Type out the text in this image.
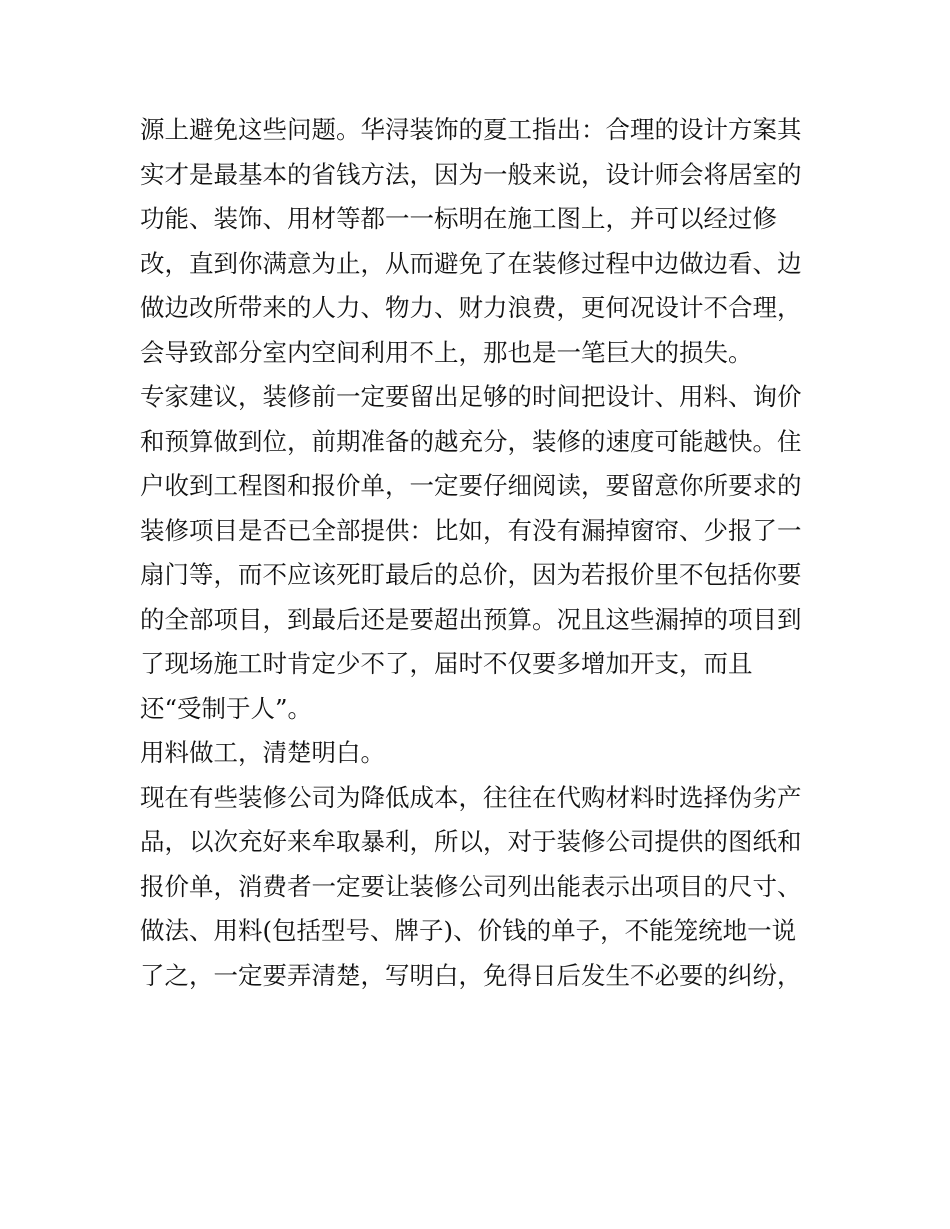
源上避免这些问题。华浔装饰的夏工指出：合理的设计方案其
实才是最基本的省钱方法，因为一般来说，设计师会将居室的
功能、装饰、用材等都一一标明在施工图上，并可以经过修
改，直到你满意为止，从而避免了在装修过程中边做边看、边
做边改所带来的人力、物力、财力浪费，更何况设计不合理，
会导致部分室内空间利用不上，那也是一笔巨大的损失。
专家建议，装修前一定要留出足够的时间把设计、用料、询价
和预算做到位，前期准备的越充分，装修的速度可能越快。住
户收到工程图和报价单，一定要仔细阅读，要留意你所要求的
装修项目是否已全部提供：比如，有没有漏掉窗帘、少报了一
扇门等，而不应该死盯最后的总价，因为若报价里不包括你要
的全部项目，到最后还是要超出预算。况且这些漏掉的项目到
了现场施工时肯定少不了，届时不仅要多增加开支，而且
还“受制于人”。
用料做工，清楚明白。
现在有些装修公司为降低成本，往往在代购材料时选择伪劣产
品，以次充好来牟取暴利，所以，对于装修公司提供的图纸和
报价单，消费者一定要让装修公司列出能表示出项目的尺寸、
做法、用料(包括型号、牌子)、价钱的单子，不能笼统地一说
了之，一定要弄清楚，写明白，免得日后发生不必要的纠纷，
